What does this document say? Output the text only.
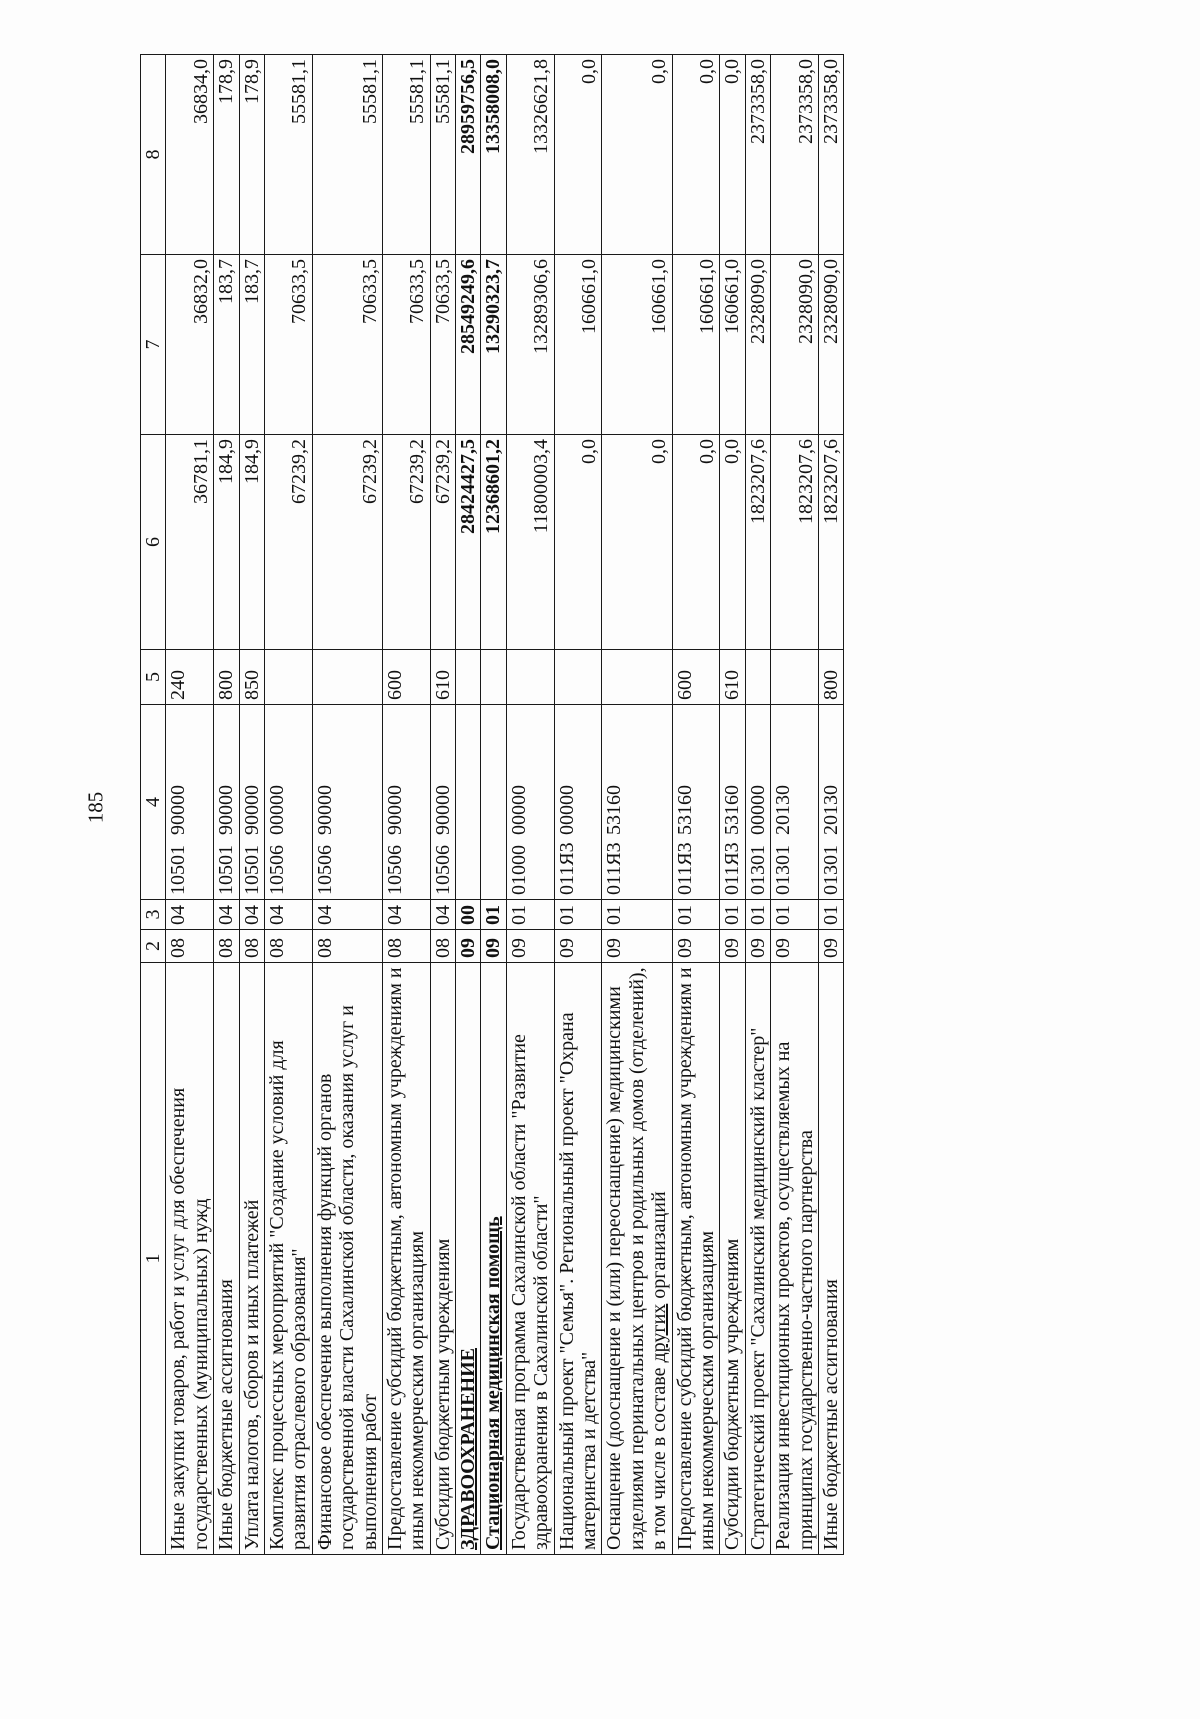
185
1	2	3	4	5	6	7	8
Иные закупки товаров, работ и услуг для обеспечения государственных (муниципальных) нужд	08	04	1050190000	240	36781,1	36832,0	36834,0
Иные бюджетные ассигнования	08	04	1050190000	800	184,9	183,7	178,9
Уплата налогов, сборов и иных платежей	08	04	1050190000	850	184,9	183,7	178,9
Комплекс процессных мероприятий "Создание условий для развития отраслевого образования"	08	04	1050600000		67239,2	70633,5	55581,1
Финансовое обеспечение выполнения функций органов государственной власти Сахалинской области, оказания услуг и выполнения работ	08	04	1050690000		67239,2	70633,5	55581,1
Предоставление субсидий бюджетным, автономным учреждениям и иным некоммерческим организациям	08	04	1050690000	600	67239,2	70633,5	55581,1
Субсидии бюджетным учреждениям	08	04	1050690000	610	67239,2	70633,5	55581,1
ЗДРАВООХРАНЕНИЕ	09	00			28424427,5	28549249,6	28959756,5
Стационарная медицинская помощь	09	01			12368601,2	13290323,7	13358008,0
Государственная программа Сахалинской области "Развитие здравоохранения в Сахалинской области"	09	01	0100000000		11800003,4	13289306,6	13326621,8
Национальный проект "Семья". Региональный проект "Охрана материнства и детства"	09	01	011Я300000		0,0	160661,0	0,0
Оснащение (дооснащение и (или) переоснащение) медицинскими изделиями перинатальных центров и родильных домов (отделений), в том числе в составе других организаций	09	01	011Я353160		0,0	160661,0	0,0
Предоставление субсидий бюджетным, автономным учреждениям и иным некоммерческим организациям	09	01	011Я353160	600	0,0	160661,0	0,0
Субсидии бюджетным учреждениям	09	01	011Я353160	610	0,0	160661,0	0,0
Стратегический проект "Сахалинский медицинский кластер"	09	01	0130100000		1823207,6	2328090,0	2373358,0
Реализация инвестиционных проектов, осуществляемых на принципах государственно-частного партнерства	09	01	0130120130		1823207,6	2328090,0	2373358,0
Иные бюджетные ассигнования	09	01	0130120130	800	1823207,6	2328090,0	2373358,0
